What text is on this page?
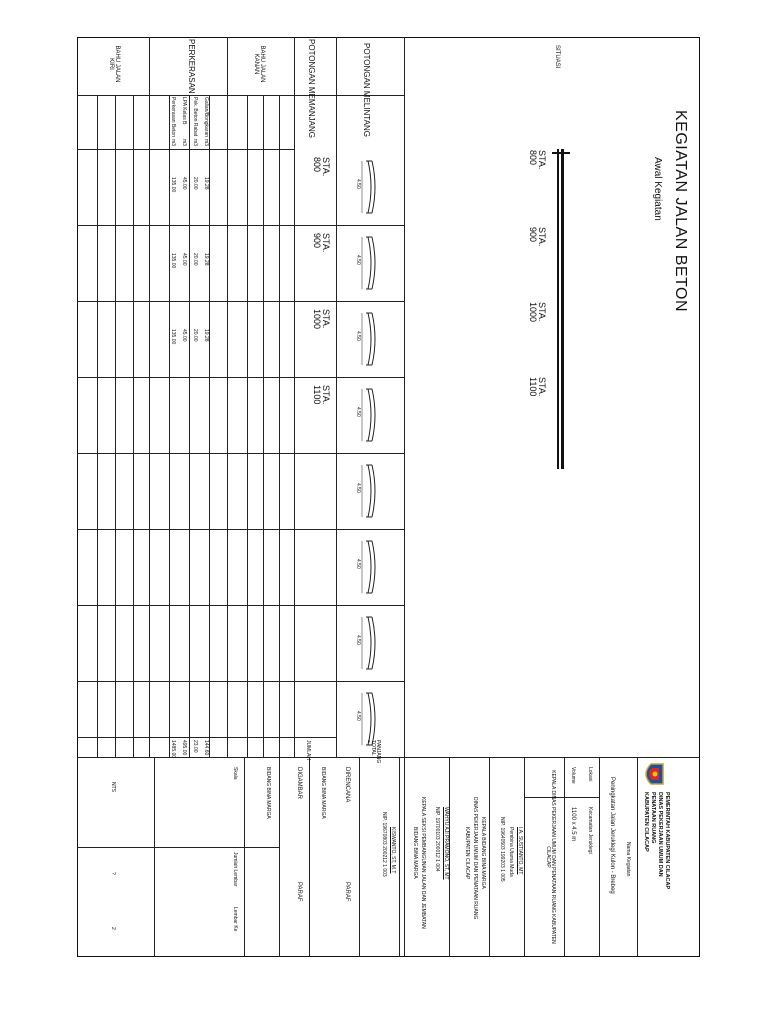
KEGIATAN JALAN BETON
Awal Kegiatan
SITUASI
STA.
800
STA.
900
STA.
1000
STA.
1100
POTONGAN MELINTANG
POTONGAN MEMANJANG
BAHU JALAN KANAN
PERKERASAN
BAHU JALAN KIRI
Galian/Bongkaran
Pek. Beton Rabat
LPA Kelas B
Perkerasan Beton
m3
m3
m3
m3
STA.
800
STA.
900
STA.
1000
STA.
1100
4.50
4.50
4.50
4.50
4.50
4.50
4.50
4.50
19.28
20.00
45.00
135.00
19.28
20.00
45.00
135.00
19.28
20.00
45.00
135.00
PANJANG TOTAL =
JUMLAH
144.60
23.00
495.00
1485.00
PEMERINTAH KABUPATEN CILACAP
DINAS PEKERJAAN UMUM DAN
PENATAAN RUANG
KABUPATEN CILACAP
Nama Kegiatan
Peningkatan Jalan Jeruklegi Kulon - Brebeg
Lokasi
Kecamatan Jeruklegi
Volume
1100 x 4.5 m
KEPALA DINAS PEKERJAAN UMUM DAN PENATAAN RUANG KABUPATEN CILACAP
I.A. SUSTIANTO, MT
Pembina Utama Muda
NIP. 19640503 199203 1 005
KEPALA BIDANG BINA MARGA
DINAS PEKERJAAN UMUM DAN PENATAAN RUANG
KABUPATEN CILACAP
WAHYU AJI PRAMONO, ST, MT
NIP. 19700103 200012 1 004
KEPALA SEKSI PEMBANGUNAN JALAN DAN JEMBATAN
BIDANG BINA MARGA
KISWANTO, ST, M.T
NIP. 19670803 200212 1 003
DIRENCANA
PARAF
BIDANG BINA MARGA
DIGAMBAR
PARAF
BIDANG BINA MARGA
Skala
Jumlah Lembar
Lembar Ke
NTS
?
2
